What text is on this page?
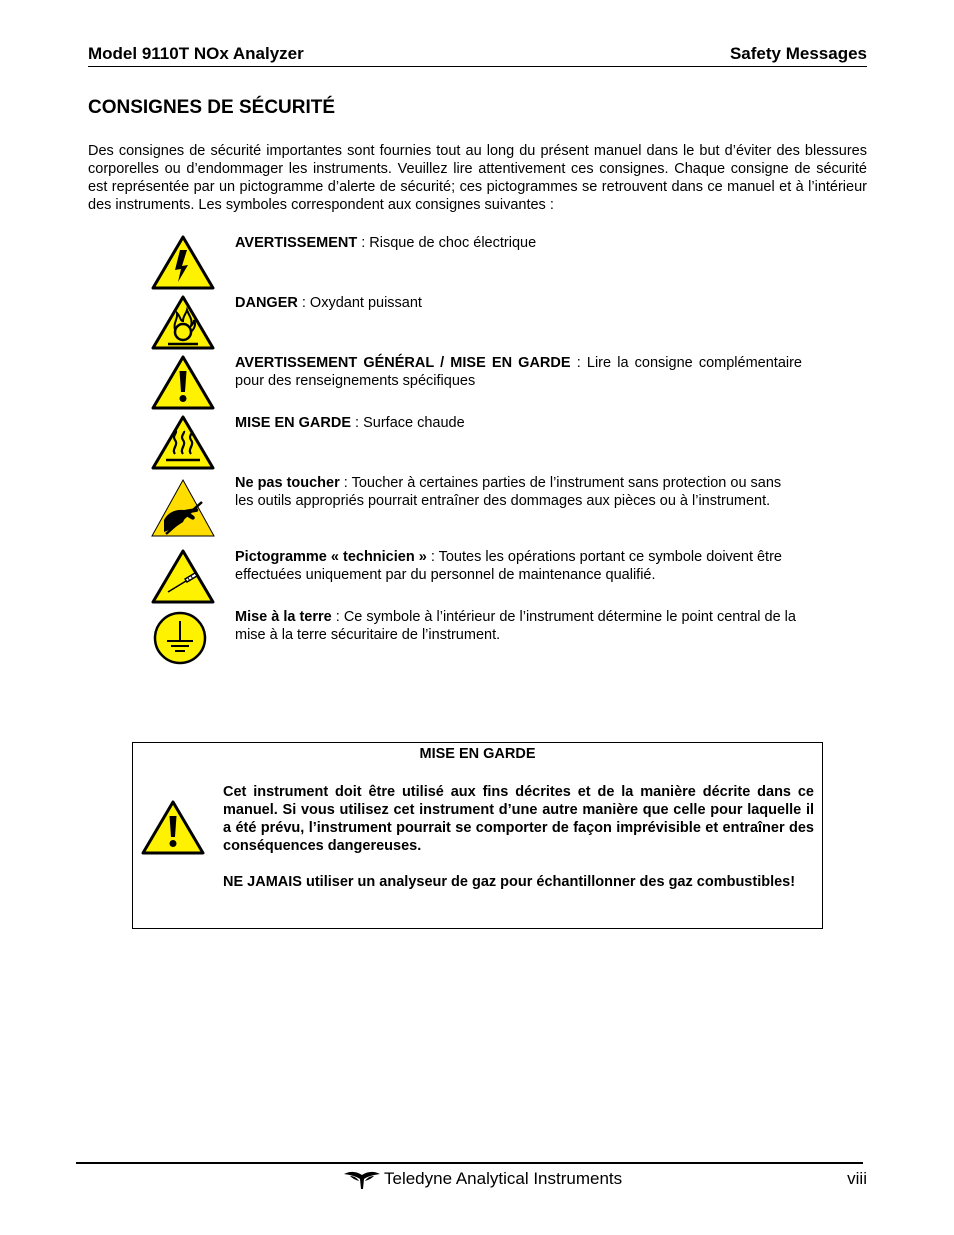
Model 9110T NOx Analyzer	Safety Messages
CONSIGNES DE SÉCURITÉ

Des consignes de sécurité importantes sont fournies tout au long du présent manuel dans le but d’éviter des blessures corporelles ou d’endommager les instruments. Veuillez lire attentivement ces consignes. Chaque consigne de sécurité est représentée par un pictogramme d’alerte de sécurité; ces pictogrammes se retrouvent dans ce manuel et à l’intérieur des instruments. Les symboles correspondent aux consignes suivantes :

AVERTISSEMENT : Risque de choc électrique

DANGER : Oxydant puissant

AVERTISSEMENT GÉNÉRAL / MISE EN GARDE : Lire la consigne complémentaire pour des renseignements spécifiques

MISE EN GARDE : Surface chaude

Ne pas toucher : Toucher à certaines parties de l’instrument sans protection ou sans les outils appropriés pourrait entraîner des dommages aux pièces ou à l’instrument.

Pictogramme « technicien » : Toutes les opérations portant ce symbole doivent être effectuées uniquement par du personnel de maintenance qualifié.

Mise à la terre : Ce symbole à l’intérieur de l’instrument détermine le point central de la mise à la terre sécuritaire de l’instrument.

MISE EN GARDE

Cet instrument doit être utilisé aux fins décrites et de la manière décrite dans ce manuel. Si vous utilisez cet instrument d’une autre manière que celle pour laquelle il a été prévu, l’instrument pourrait se comporter de façon imprévisible et entraîner des conséquences dangereuses.

NE JAMAIS utiliser un analyseur de gaz pour échantillonner des gaz combustibles!

Teledyne Analytical Instruments	viii
